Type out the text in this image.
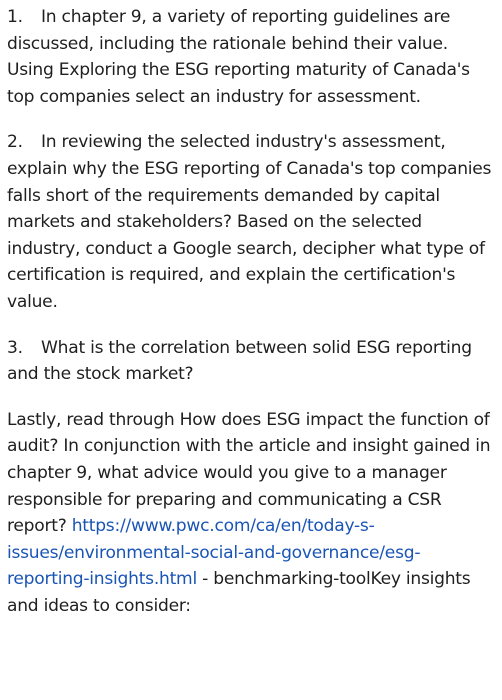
1. In chapter 9, a variety of reporting guidelines are discussed, including the rationale behind their value. Using Exploring the ESG reporting maturity of Canada's top companies select an industry for assessment.

2. In reviewing the selected industry's assessment, explain why the ESG reporting of Canada's top companies falls short of the requirements demanded by capital markets and stakeholders? Based on the selected industry, conduct a Google search, decipher what type of certification is required, and explain the certification's value.

3. What is the correlation between solid ESG reporting and the stock market?

Lastly, read through How does ESG impact the function of audit? In conjunction with the article and insight gained in chapter 9, what advice would you give to a manager responsible for preparing and communicating a CSR report? https://www.pwc.com/ca/en/today-s-issues/environmental-social-and-governance/esg-reporting-insights.html - benchmarking-toolKey insights and ideas to consider:
